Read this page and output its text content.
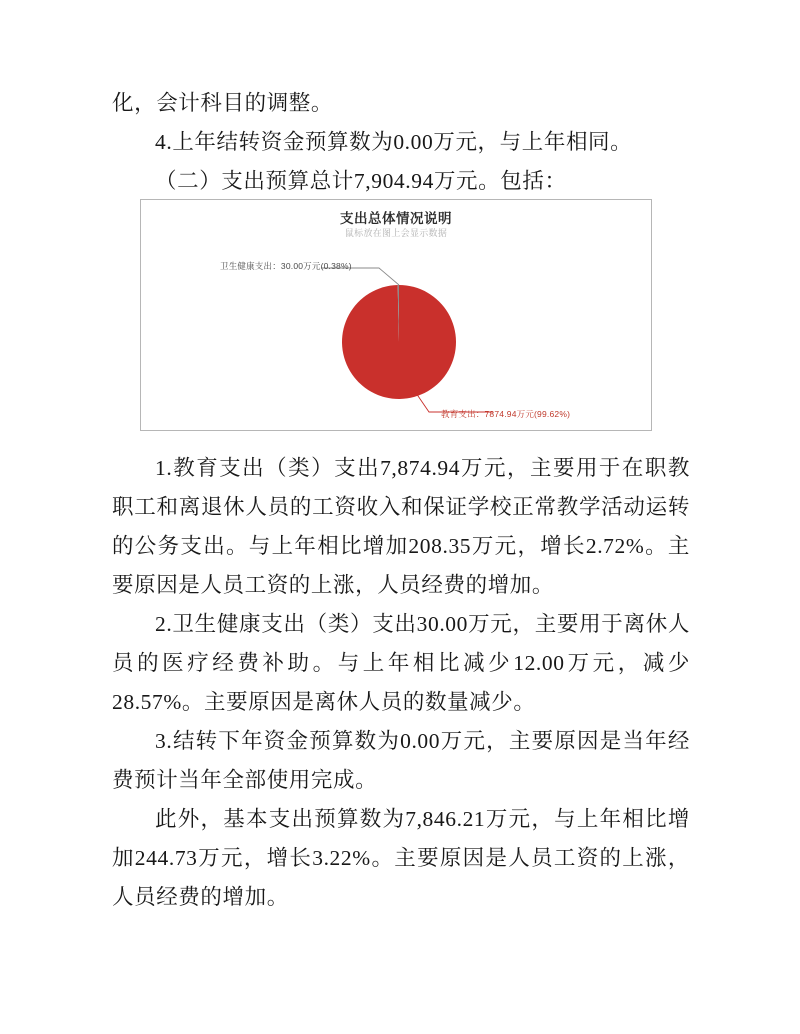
化，会计科目的调整。

4.上年结转资金预算数为0.00万元，与上年相同。

（二）支出预算总计7,904.94万元。包括：

1.教育支出（类）支出7,874.94万元，主要用于在职教职工和离退休人员的工资收入和保证学校正常教学活动运转的公务支出。与上年相比增加208.35万元，增长2.72%。主要原因是人员工资的上涨，人员经费的增加。

2.卫生健康支出（类）支出30.00万元，主要用于离休人员的医疗经费补助。与上年相比减少12.00万元，减少28.57%。主要原因是离休人员的数量减少。

3.结转下年资金预算数为0.00万元，主要原因是当年经费预计当年全部使用完成。

此外，基本支出预算数为7,846.21万元，与上年相比增加244.73万元，增长3.22%。主要原因是人员工资的上涨，人员经费的增加。

支出总体情况说明
鼠标放在图上会显示数据
卫生健康支出：30.00万元(0.38%)
教育支出：7874.94万元(99.62%)
